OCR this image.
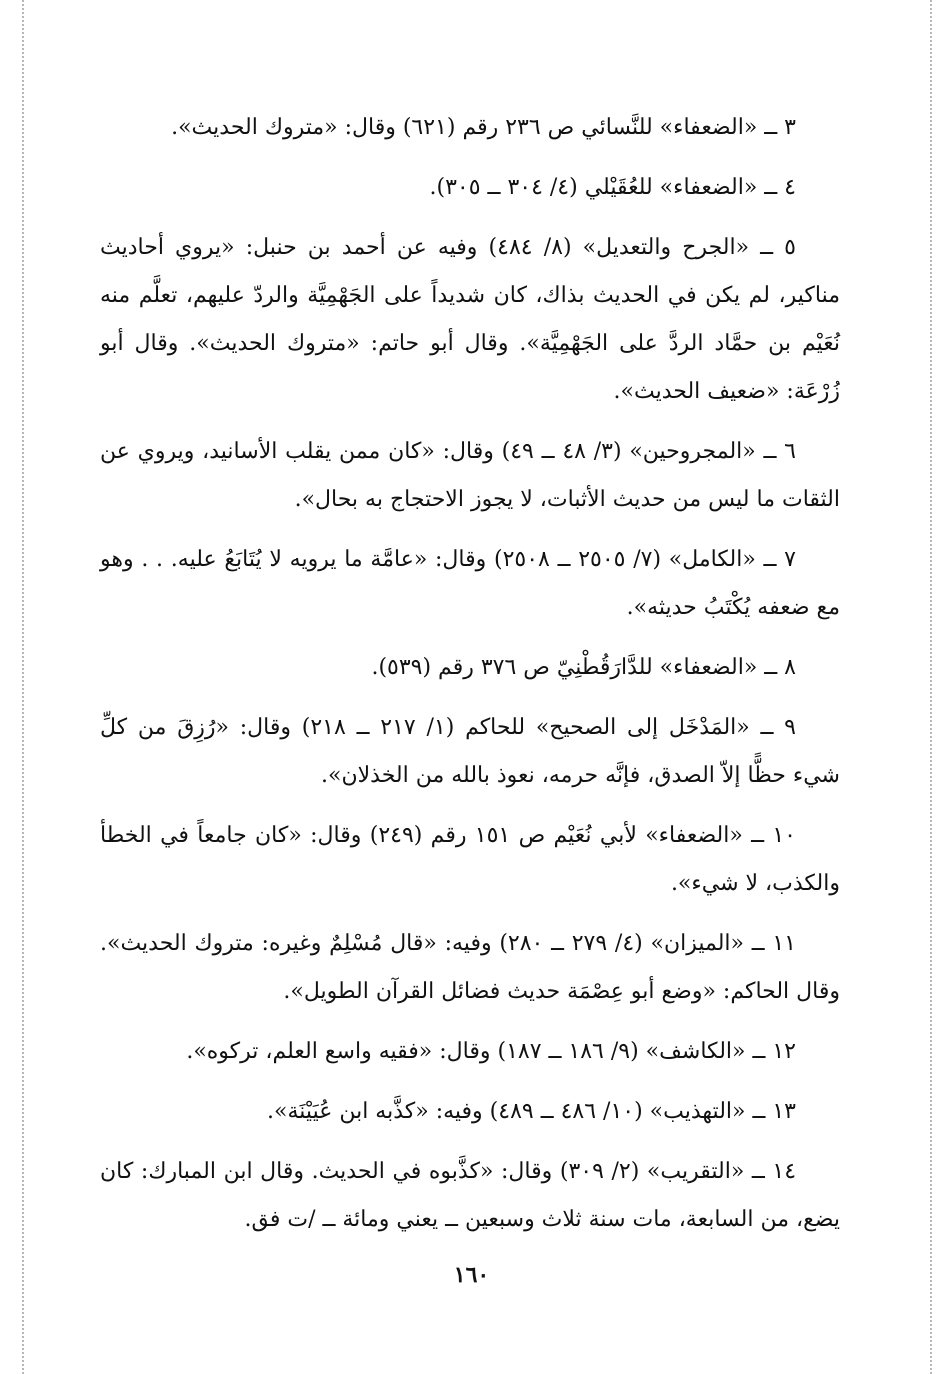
٣ ــ «الضعفاء» للنَّسائي ص ٢٣٦ رقم (٦٢١) وقال: «متروك الحديث».

٤ ــ «الضعفاء» للعُقَيْلي (٤/ ٣٠٤ ــ ٣٠٥).

٥ ــ «الجرح والتعديل» (٨/ ٤٨٤) وفيه عن أحمد بن حنبل: «يروي أحاديث مناكير، لم يكن في الحديث بذاك، كان شديداً على الجَهْمِيَّة والردّ عليهم، تعلَّم منه نُعَيْم بن حمَّاد الردَّ على الجَهْمِيَّة». وقال أبو حاتم: «متروك الحديث». وقال أبو زُرْعَة: «ضعيف الحديث».

٦ ــ «المجروحين» (٣/ ٤٨ ــ ٤٩) وقال: «كان ممن يقلب الأسانيد، ويروي عن الثقات ما ليس من حديث الأثبات، لا يجوز الاحتجاج به بحال».

٧ ــ «الكامل» (٧/ ٢٥٠٥ ــ ٢٥٠٨) وقال: «عامَّة ما يرويه لا يُتَابَعُ عليه. . . وهو مع ضعفه يُكْتَبُ حديثه».

٨ ــ «الضعفاء» للدَّارَقُطْنِيّ ص ٣٧٦ رقم (٥٣٩).

٩ ــ «المَدْخَل إلى الصحيح» للحاكم (١/ ٢١٧ ــ ٢١٨) وقال: «رُزِقَ من كلِّ شيء حظًّا إلاّ الصدق، فإنَّه حرمه، نعوذ بالله من الخذلان».

١٠ ــ «الضعفاء» لأبي نُعَيْم ص ١٥١ رقم (٢٤٩) وقال: «كان جامعاً في الخطأ والكذب، لا شيء».

١١ ــ «الميزان» (٤/ ٢٧٩ ــ ٢٨٠) وفيه: «قال مُسْلِمٌ وغيره: متروك الحديث». وقال الحاكم: «وضع أبو عِصْمَة حديث فضائل القرآن الطويل».

١٢ ــ «الكاشف» (٩/ ١٨٦ ــ ١٨٧) وقال: «فقيه واسع العلم، تركوه».

١٣ ــ «التهذيب» (١٠/ ٤٨٦ ــ ٤٨٩) وفيه: «كذَّبه ابن عُيَيْنَة».

١٤ ــ «التقريب» (٢/ ٣٠٩) وقال: «كذَّبوه في الحديث. وقال ابن المبارك: كان يضع، من السابعة، مات سنة ثلاث وسبعين ــ يعني ومائة ــ /ت فق.

١٦٠
